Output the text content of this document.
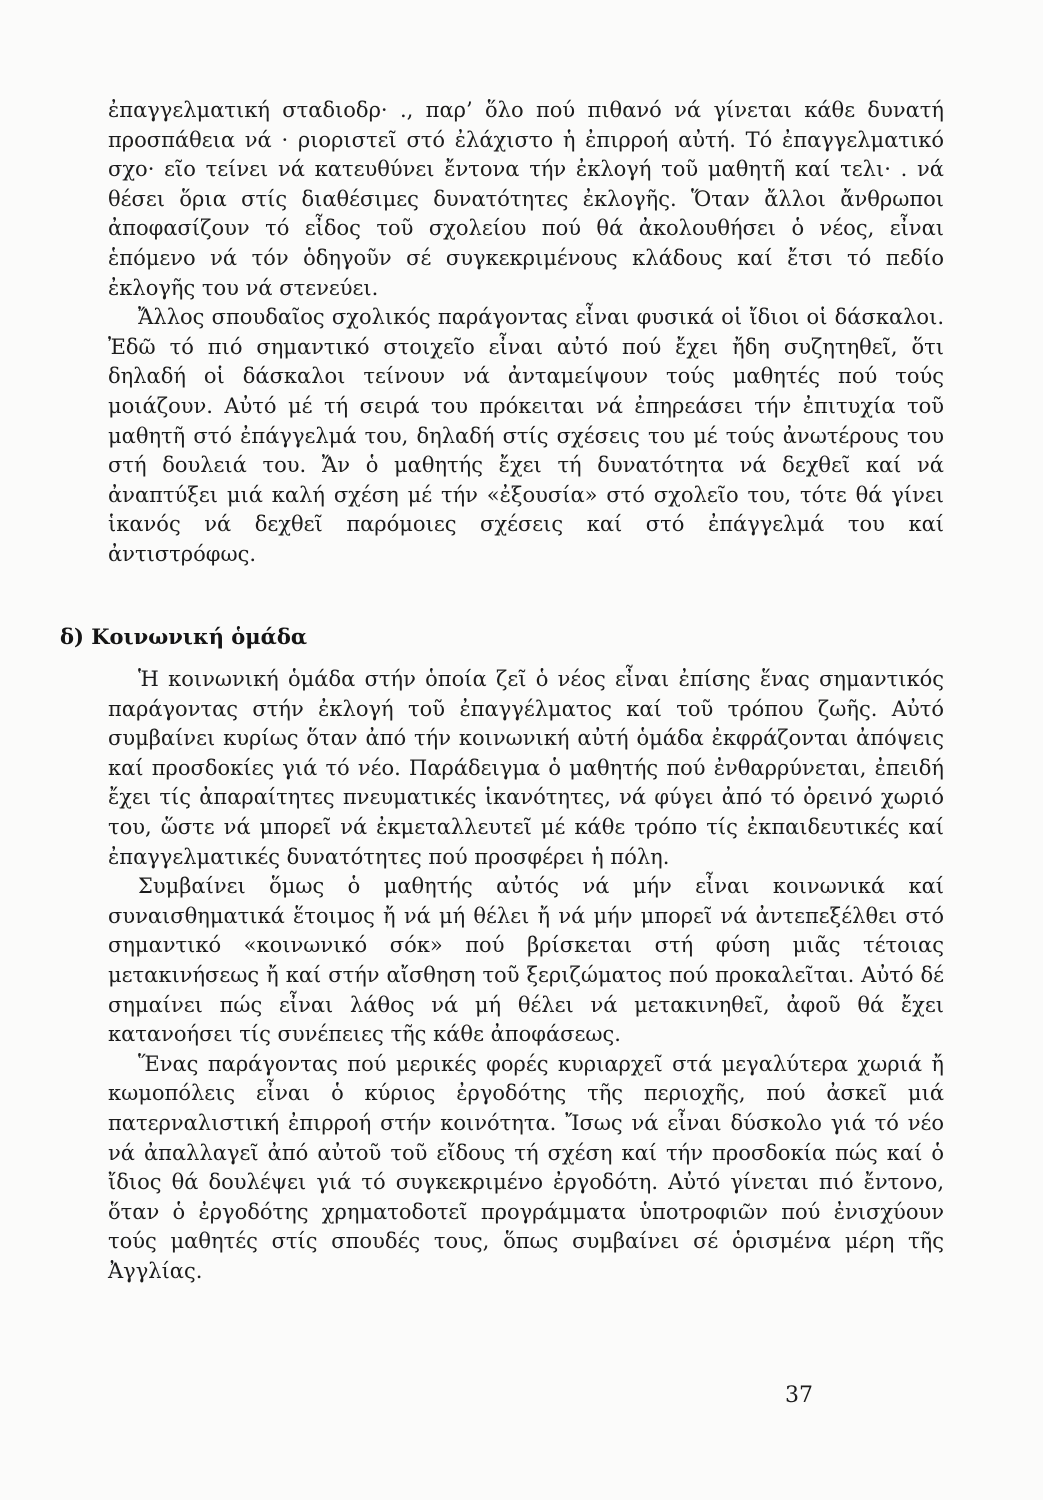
ἐπαγγελματική σταδιοδρ· ., παρ’ ὅλο πού πιθανό νά γίνεται κάθε δυνατή προσπάθεια νά · ριοριστεῖ στό ἐλάχιστο ἡ ἐπιρροή αὐτή. Τό ἐπαγγελματικό σχο· εῖο τείνει νά κατευθύνει ἔντονα τήν ἐκλογή τοῦ μαθητῆ καί τελι· . νά θέσει ὅρια στίς διαθέσιμες δυνατότητες ἐκλογῆς. Ὅταν ἄλλοι ἄνθρωποι ἀποφασίζουν τό εἶδος τοῦ σχολείου πού θά ἀκολουθήσει ὁ νέος, εἶναι ἑπόμενο νά τόν ὁδηγοῦν σέ συγκεκριμένους κλάδους καί ἔτσι τό πεδίο ἐκλογῆς του νά στενεύει.

Ἄλλος σπουδαῖος σχολικός παράγοντας εἶναι φυσικά οἱ ἴδιοι οἱ δάσκαλοι. Ἐδῶ τό πιό σημαντικό στοιχεῖο εἶναι αὐτό πού ἔχει ἤδη συζητηθεῖ, ὅτι δηλαδή οἱ δάσκαλοι τείνουν νά ἀνταμείψουν τούς μαθητές πού τούς μοιάζουν. Αὐτό μέ τή σειρά του πρόκειται νά ἐπηρεάσει τήν ἐπιτυχία τοῦ μαθητῆ στό ἐπάγγελμά του, δηλαδή στίς σχέσεις του μέ τούς ἀνωτέρους του στή δουλειά του. Ἄν ὁ μαθητής ἔχει τή δυνατότητα νά δεχθεῖ καί νά ἀναπτύξει μιά καλή σχέση μέ τήν «ἐξουσία» στό σχολεῖο του, τότε θά γίνει ἱκανός νά δεχθεῖ παρόμοιες σχέσεις καί στό ἐπάγγελμά του καί ἀντιστρόφως.

δ) Κοινωνική ὁμάδα

Ἡ κοινωνική ὁμάδα στήν ὁποία ζεῖ ὁ νέος εἶναι ἐπίσης ἕνας σημαντικός παράγοντας στήν ἐκλογή τοῦ ἐπαγγέλματος καί τοῦ τρόπου ζωῆς. Αὐτό συμβαίνει κυρίως ὅταν ἀπό τήν κοινωνική αὐτή ὁμάδα ἐκφράζονται ἀπόψεις καί προσδοκίες γιά τό νέο. Παράδειγμα ὁ μαθητής πού ἐνθαρρύνεται, ἐπειδή ἔχει τίς ἀπαραίτητες πνευματικές ἱκανότητες, νά φύγει ἀπό τό ὀρεινό χωριό του, ὥστε νά μπορεῖ νά ἐκμεταλλευτεῖ μέ κάθε τρόπο τίς ἐκπαιδευτικές καί ἐπαγγελματικές δυνατότητες πού προσφέρει ἡ πόλη.

Συμβαίνει ὅμως ὁ μαθητής αὐτός νά μήν εἶναι κοινωνικά καί συναισθηματικά ἕτοιμος ἤ νά μή θέλει ἤ νά μήν μπορεῖ νά ἀντεπεξέλθει στό σημαντικό «κοινωνικό σόκ» πού βρίσκεται στή φύση μιᾶς τέτοιας μετακινήσεως ἤ καί στήν αἴσθηση τοῦ ξεριζώματος πού προκαλεῖται. Αὐτό δέ σημαίνει πώς εἶναι λάθος νά μή θέλει νά μετακινηθεῖ, ἀφοῦ θά ἔχει κατανοήσει τίς συνέπειες τῆς κάθε ἀποφάσεως.

Ἕνας παράγοντας πού μερικές φορές κυριαρχεῖ στά μεγαλύτερα χωριά ἤ κωμοπόλεις εἶναι ὁ κύριος ἐργοδότης τῆς περιοχῆς, πού ἀσκεῖ μιά πατερναλιστική ἐπιρροή στήν κοινότητα. Ἴσως νά εἶναι δύσκολο γιά τό νέο νά ἀπαλλαγεῖ ἀπό αὐτοῦ τοῦ εἴδους τή σχέση καί τήν προσδοκία πώς καί ὁ ἴδιος θά δουλέψει γιά τό συγκεκριμένο ἐργοδότη. Αὐτό γίνεται πιό ἔντονο, ὅταν ὁ ἐργοδότης χρηματοδοτεῖ προγράμματα ὑποτροφιῶν πού ἐνισχύουν τούς μαθητές στίς σπουδές τους, ὅπως συμβαίνει σέ ὁρισμένα μέρη τῆς Ἀγγλίας.

37
